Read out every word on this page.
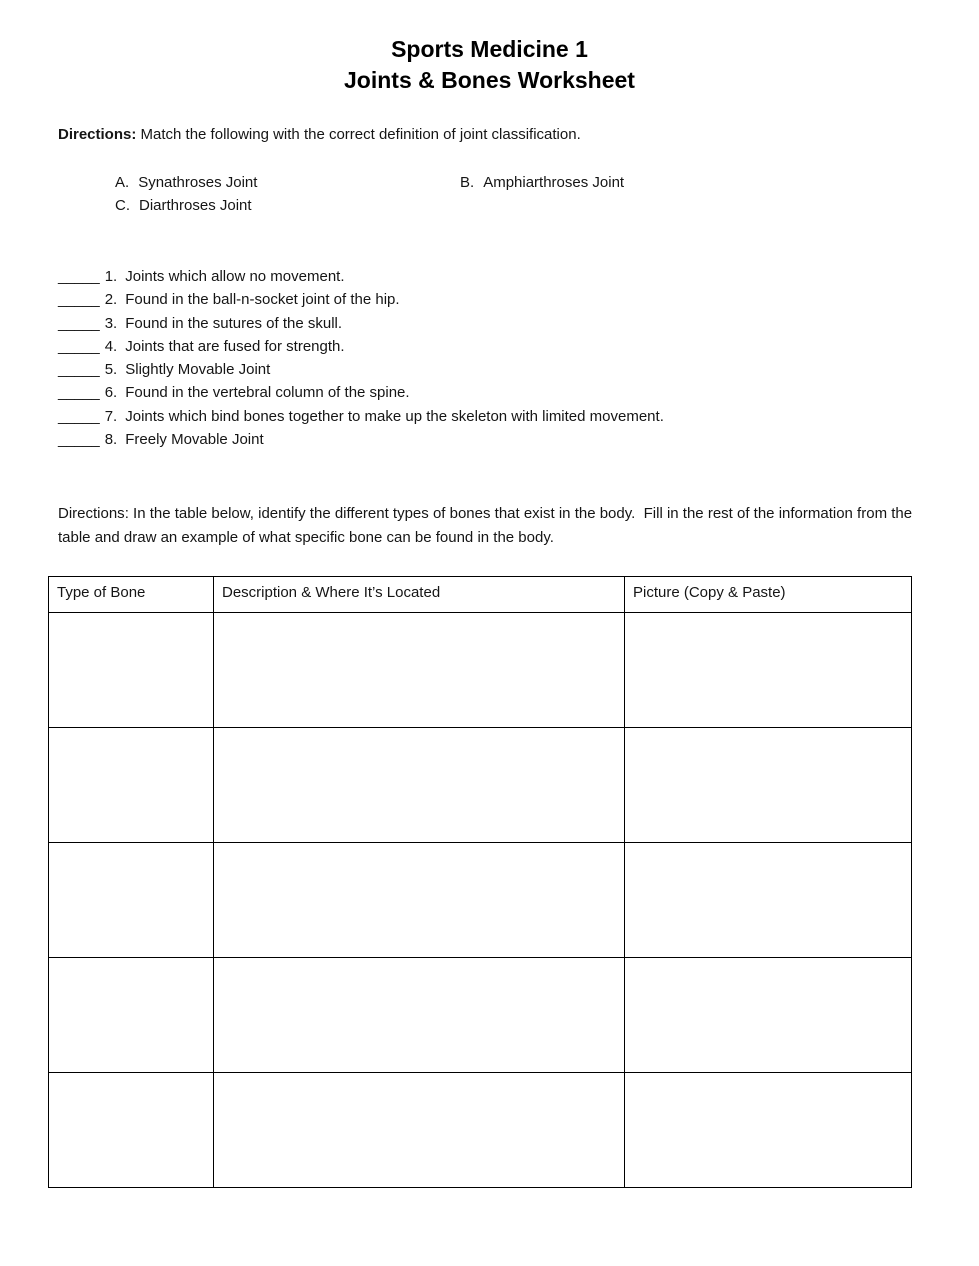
Sports Medicine 1
Joints & Bones Worksheet
Directions: Match the following with the correct definition of joint classification.
A. Synathroses Joint	B. Amphiarthroses Joint
C. Diarthroses Joint
_____ 1. Joints which allow no movement.
_____ 2. Found in the ball-n-socket joint of the hip.
_____ 3. Found in the sutures of the skull.
_____ 4. Joints that are fused for strength.
_____ 5. Slightly Movable Joint
_____ 6. Found in the vertebral column of the spine.
_____ 7. Joints which bind bones together to make up the skeleton with limited movement.
_____ 8. Freely Movable Joint
Directions: In the table below, identify the different types of bones that exist in the body.  Fill in the rest of the information from the table and draw an example of what specific bone can be found in the body.
Type of Bone	Description & Where It’s Located	Picture (Copy & Paste)
